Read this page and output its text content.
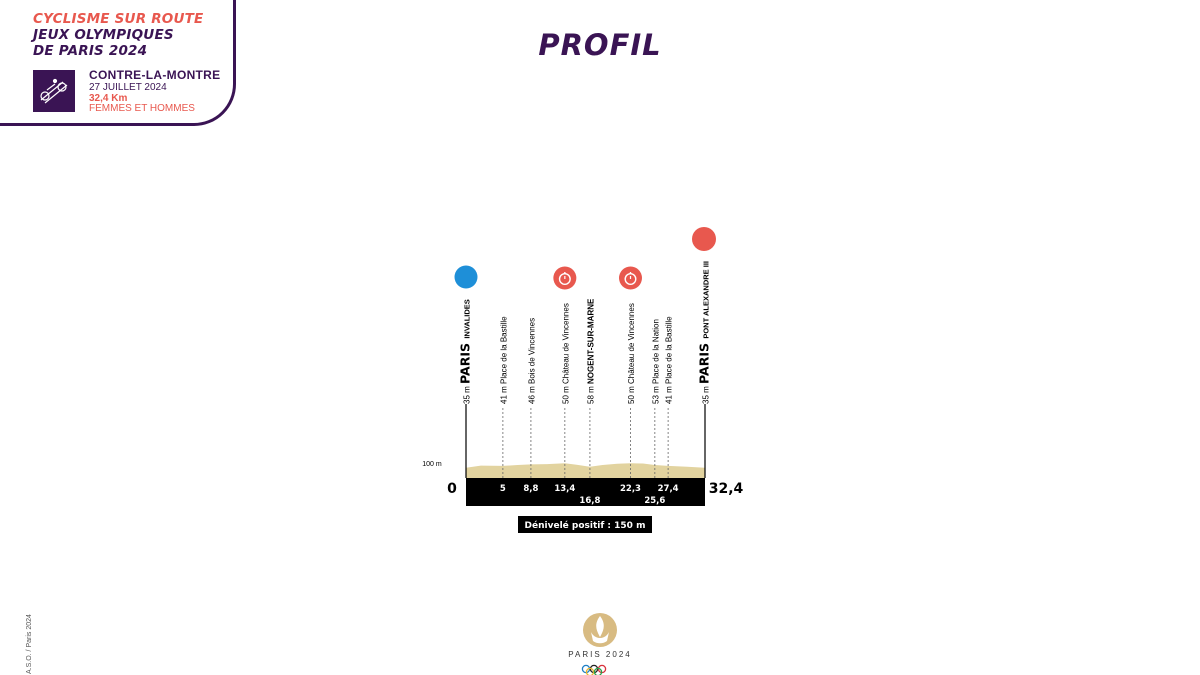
CYCLISME SUR ROUTE
JEUX OLYMPIQUES
DE PARIS 2024
CONTRE-LA-MONTRE
27 JUILLET 2024
32,4 Km
FEMMES ET HOMMES
PROFIL
100 m
0	32,4
35 m PARIS INVALIDES
5
41 m Place de la Bastille
8,8
46 m Bois de Vincennes
13,4
50 m Château de Vincennes
16,8
58 m NOGENT-SUR-MARNE
22,3
50 m Château de Vincennes
25,6
53 m Place de la Nation
27,4
41 m Place de la Bastille
35 m PARIS PONT ALEXANDRE III
Dénivelé positif : 150 m
A.S.O. / Paris 2024	PARIS 2024
